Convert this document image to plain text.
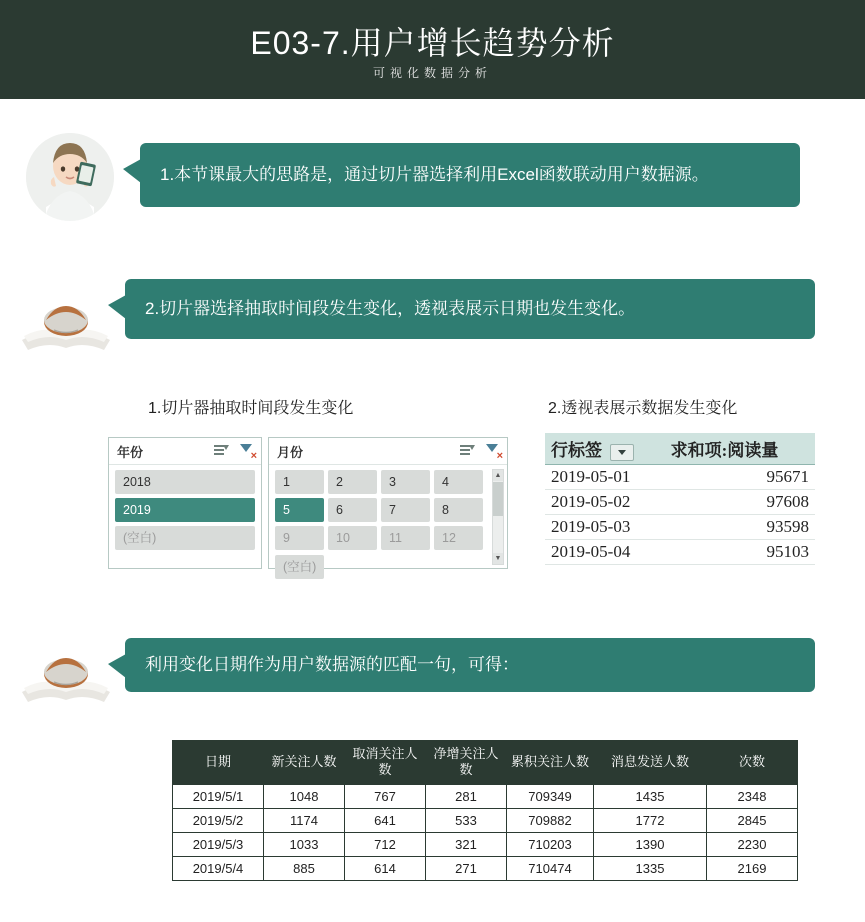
E03-7.用户增长趋势分析
可视化数据分析
1.本节课最大的思路是，通过切片器选择利用Excel函数联动用户数据源。
2.切片器选择抽取时间段发生变化，透视表展示日期也发生变化。
1.切片器抽取时间段发生变化	2.透视表展示数据发生变化
年份
×
2018
2019
(空白)
月份
×
1	2	3	4
5	6	7	8
9	10	11	12
(空白)
▲
▼
行标签	求和项:阅读量
2019-05-01	95671
2019-05-02	97608
2019-05-03	93598
2019-05-04	95103
利用变化日期作为用户数据源的匹配一句，可得：
日期	新关注人数	取消关注人数	净增关注人数	累积关注人数	消息发送人数	次数
2019/5/1	1048	767	281	709349	1435	2348
2019/5/2	1174	641	533	709882	1772	2845
2019/5/3	1033	712	321	710203	1390	2230
2019/5/4	885	614	271	710474	1335	2169
